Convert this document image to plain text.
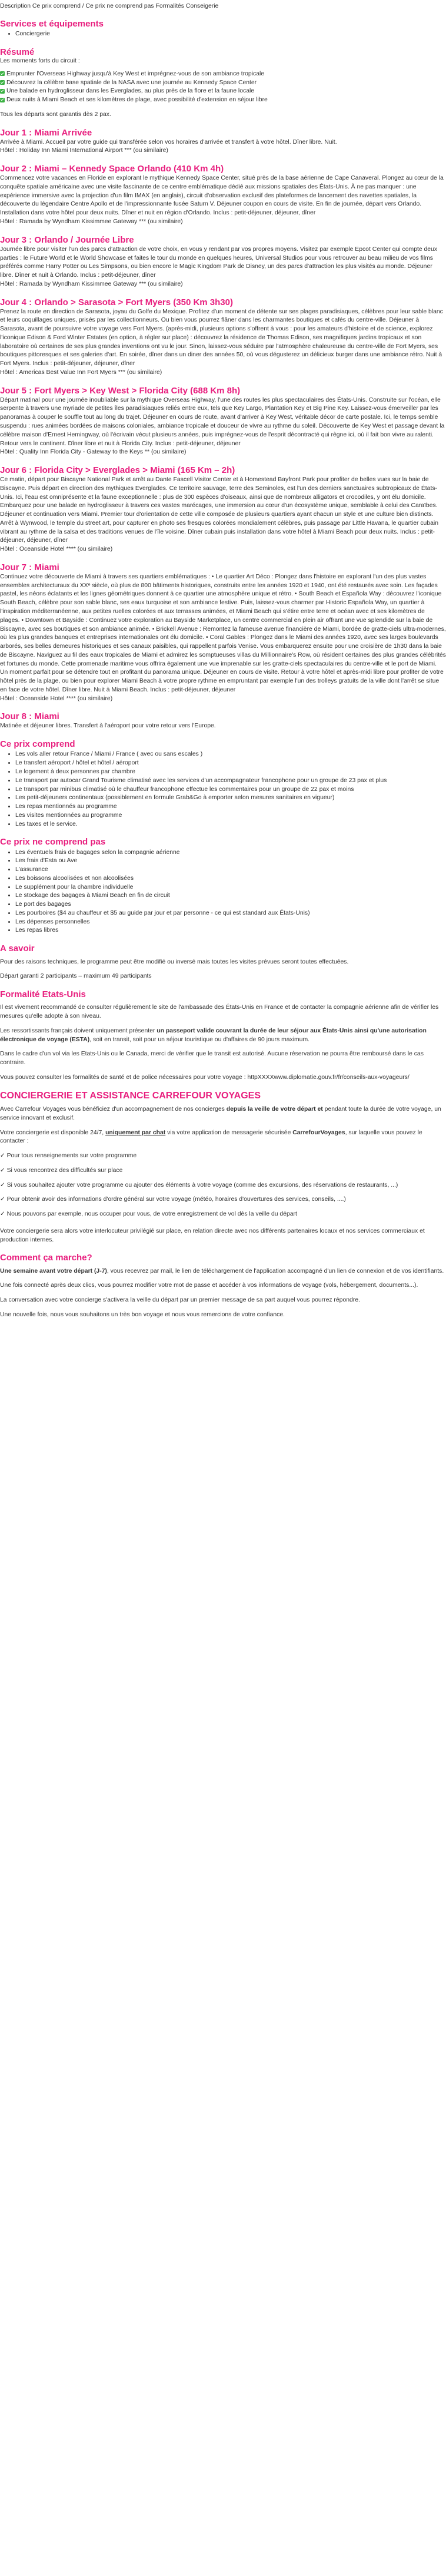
Description Ce prix comprend / Ce prix ne comprend pas Formalités Conseigerie

Services et équipements
• Conciergerie
Résumé

Les moments forts du circuit :

Emprunter l'Overseas Highway jusqu'à Key West et imprégnez-vous de son ambiance tropicale
Découvrez la célèbre base spatiale de la NASA avec une journée au Kennedy Space Center
Une balade en hydroglisseur dans les Everglades, au plus près de la flore et la faune locale
Deux nuits à Miami Beach et ses kilomètres de plage, avec possibilité d'extension en séjour libre

Tous les départs sont garantis dès 2 pax.

Jour 1 : Miami Arrivée

Arrivée à Miami. Accueil par votre guide qui transférée selon vos horaires d'arrivée et transfert à votre hôtel. Dîner libre. Nuit.

Hôtel : Holiday Inn Miami International Airport *** (ou similaire)

Jour 2 : Miami – Kennedy Space Orlando (410 Km 4h)

Commencez votre vacances en Floride en explorant le mythique Kennedy Space Center, situé près de la base aérienne de Cape Canaveral. Plongez au cœur de la conquête spatiale américaine avec une visite fascinante de ce centre emblématique dédié aux missions spatiales des États-Unis. À ne pas manquer : une expérience immersive avec la projection d'un film IMAX (en anglais), circuit d'observation exclusif des plateformes de lancement des navettes spatiales, la découverte du légendaire Centre Apollo et de l'impressionnante fusée Saturn V. Déjeuner coupon en cours de visite. En fin de journée, départ vers Orlando. Installation dans votre hôtel pour deux nuits. Dîner et nuit en région d'Orlando. Inclus : petit-déjeuner, déjeuner, dîner

Hôtel : Ramada by Wyndham Kissimmee Gateway *** (ou similaire)

Jour 3 : Orlando / Journée Libre

Journée libre pour visiter l'un des parcs d'attraction de votre choix, en vous y rendant par vos propres moyens. Visitez par exemple Epcot Center qui compte deux parties : le Future World et le World Showcase et faites le tour du monde en quelques heures, Universal Studios pour vous retrouver au beau milieu de vos films préférés comme Harry Potter ou Les Simpsons, ou bien encore le Magic Kingdom Park de Disney, un des parcs d'attraction les plus visités au monde. Déjeuner libre. Dîner et nuit à Orlando. Inclus : petit-déjeuner, dîner

Hôtel : Ramada by Wyndham Kissimmee Gateway *** (ou similaire)

Jour 4 : Orlando > Sarasota > Fort Myers (350 Km 3h30)

Prenez la route en direction de Sarasota, joyau du Golfe du Mexique. Profitez d'un moment de détente sur ses plages paradisiaques, célèbres pour leur sable blanc et leurs coquillages uniques, prisés par les collectionneurs. Ou bien vous pourrez flâner dans les charmantes boutiques et cafés du centre-ville. Déjeuner à Sarasota, avant de poursuivre votre voyage vers Fort Myers. (après-midi, plusieurs options s'offrent à vous : pour les amateurs d'histoire et de science, explorez l'iconique Edison & Ford Winter Estates (en option, à régler sur place) : découvrez la résidence de Thomas Edison, ses magnifiques jardins tropicaux et son laboratoire où certaines de ses plus grandes inventions ont vu le jour. Sinon, laissez-vous séduire par l'atmosphère chaleureuse du centre-ville de Fort Myers, ses boutiques pittoresques et ses galeries d'art. En soirée, dîner dans un diner des années 50, où vous dégusterez un délicieux burger dans une ambiance rétro. Nuit à Fort Myers. Inclus : petit-déjeuner, déjeuner, dîner

Hôtel : Americas Best Value Inn Fort Myers *** (ou similaire)

Jour 5 : Fort Myers > Key West > Florida City (688 Km 8h)

Départ matinal pour une journée inoubliable sur la mythique Overseas Highway, l'une des routes les plus spectaculaires des États-Unis. Construite sur l'océan, elle serpente à travers une myriade de petites îles paradisiaques reliés entre eux, tels que Key Largo, Plantation Key et Big Pine Key. Laissez-vous émerveiller par les panoramas à couper le souffle tout au long du trajet. Déjeuner en cours de route, avant d'arriver à Key West, véritable décor de carte postale. Ici, le temps semble suspendu : rues animées bordées de maisons coloniales, ambiance tropicale et douceur de vivre au rythme du soleil. Découverte de Key West et passage devant la célèbre maison d'Ernest Hemingway, où l'écrivain vécut plusieurs années, puis imprégnez-vous de l'esprit décontracté qui règne ici, où il fait bon vivre au ralenti. Retour vers le continent. Dîner libre et nuit à Florida City. Inclus : petit-déjeuner, déjeuner

Hôtel : Quality Inn Florida City - Gateway to the Keys ** (ou similaire)

Jour 6 : Florida City > Everglades > Miami (165 Km – 2h)

Ce matin, départ pour Biscayne National Park et arrêt au Dante Fascell Visitor Center et à Homestead Bayfront Park pour profiter de belles vues sur la baie de Biscayne. Puis départ en direction des mythiques Everglades. Ce territoire sauvage, terre des Seminoles, est l'un des derniers sanctuaires subtropicaux de États-Unis. Ici, l'eau est omniprésente et la faune exceptionnelle : plus de 300 espèces d'oiseaux, ainsi que de nombreux alligators et crocodiles, y ont élu domicile. Embarquez pour une balade en hydroglisseur à travers ces vastes marécages, une immersion au cœur d'un écosystème unique, semblable à celui des Caraïbes. Déjeuner et continuation vers Miami. Premier tour d'orientation de cette ville composée de plusieurs quartiers ayant chacun un style et une culture bien distincts. Arrêt à Wynwood, le temple du street art, pour capturer en photo ses fresques colorées mondialement célèbres, puis passage par Little Havana, le quartier cubain vibrant au rythme de la salsa et des traditions venues de l'île voisine. Dîner cubain puis installation dans votre hôtel à Miami Beach pour deux nuits. Inclus : petit-déjeuner, déjeuner, dîner

Hôtel : Oceanside Hotel **** (ou similaire)

Jour 7 : Miami

Continuez votre découverte de Miami à travers ses quartiers emblématiques : • Le quartier Art Déco : Plongez dans l'histoire en explorant l'un des plus vastes ensembles architecturaux du XXᵉ siècle, où plus de 800 bâtiments historiques, construits entre les années 1920 et 1940, ont été restaurés avec soin. Les façades pastel, les néons éclatants et les lignes géométriques donnent à ce quartier une atmosphère unique et rétro. • South Beach et Española Way : découvrez l'iconique South Beach, célèbre pour son sable blanc, ses eaux turquoise et son ambiance festive. Puis, laissez-vous charmer par Historic Española Way, un quartier à l'inspiration méditerranéenne, aux petites ruelles colorées et aux terrasses animées, et Miami Beach qui s'étire entre terre et océan avec et ses kilomètres de plages. • Downtown et Bayside : Continuez votre exploration au Bayside Marketplace, un centre commercial en plein air offrant une vue splendide sur la baie de Biscayne, avec ses boutiques et son ambiance animée. • Brickell Avenue : Remontez la fameuse avenue financière de Miami, bordée de gratte-ciels ultra-modernes, où les plus grandes banques et entreprises internationales ont élu domicile. • Coral Gables : Plongez dans le Miami des années 1920, avec ses larges boulevards arborés, ses belles demeures historiques et ses canaux paisibles, qui rappellent parfois Venise. Vous embarquerez ensuite pour une croisière de 1h30 dans la baie de Biscayne. Naviguez au fil des eaux tropicales de Miami et admirez les somptueuses villas du Millionnaire's Row, où résident certaines des plus grandes célébrités et fortunes du monde. Cette promenade maritime vous offrira également une vue imprenable sur les gratte-ciels spectaculaires du centre-ville et le port de Miami. Un moment parfait pour se détendre tout en profitant du panorama unique. Déjeuner en cours de visite. Retour à votre hôtel et après-midi libre pour profiter de votre hôtel près de la plage, ou bien pour explorer Miami Beach à votre propre rythme en empruntant par exemple l'un des trolleys gratuits de la ville dont l'arrêt se situe en face de votre hôtel. Dîner libre. Nuit à Miami Beach. Inclus : petit-déjeuner, déjeuner

Hôtel : Oceanside Hotel **** (ou similaire)

Jour 8 : Miami

Matinée et déjeuner libres. Transfert à l'aéroport pour votre retour vers l'Europe.

Ce prix comprend
• Les vols aller retour France / Miami / France ( avec ou sans escales )
• Le transfert aéroport / hôtel et hôtel / aéroport
• Le logement à deux personnes par chambre
• Le transport par autocar Grand Tourisme climatisé avec les services d'un accompagnateur francophone pour un groupe de 23 pax et plus
• Le transport par minibus climatisé où le chauffeur francophone effectue les commentaires pour un groupe de 22 pax et moins
• Les petit-déjeuners continentaux (possiblement en formule Grab&Go à emporter selon mesures sanitaires en vigueur)
• Les repas mentionnés au programme
• Les visites mentionnées au programme
• Les taxes et le service.
Ce prix ne comprend pas
• Les éventuels frais de bagages selon la compagnie aérienne
• Les frais d'Esta ou Ave
• L'assurance
• Les boissons alcoolisées et non alcoolisées
• Le supplément pour la chambre individuelle
• Le stockage des bagages à Miami Beach en fin de circuit
• Le port des bagages
• Les pourboires ($4 au chauffeur et $5 au guide par jour et par personne - ce qui est standard aux États-Unis)
• Les dépenses personnelles
• Les repas libres
A savoir

Pour des raisons techniques, le programme peut être modifié ou inversé mais toutes les visites prévues seront toutes effectuées.

Départ garanti 2 participants – maximum 49 participants

Formalité Etats-Unis

Il est vivement recommandé de consulter régulièrement le site de l'ambassade des États-Unis en France et de contacter la compagnie aérienne afin de vérifier les mesures qu'elle adopte à son niveau.

Les ressortissants français doivent uniquement présenter un passeport valide couvrant la durée de leur séjour aux États-Unis ainsi qu'une autorisation électronique de voyage (ESTA), soit en transit, soit pour un séjour touristique ou d'affaires de 90 jours maximum.

Dans le cadre d'un vol via les Etats-Unis ou le Canada, merci de vérifier que le transit est autorisé. Aucune réservation ne pourra être remboursé dans le cas contraire.

Vous pouvez consulter les formalités de santé et de police nécessaires pour votre voyage : httpXXXXwww.diplomatie.gouv.fr/fr/conseils-aux-voyageurs/

CONCIERGERIE ET ASSISTANCE CARREFOUR VOYAGES

Avec Carrefour Voyages vous bénéficiez d'un accompagnement de nos concierges depuis la veille de votre départ et pendant toute la durée de votre voyage, un service innovant et exclusif.

Votre conciergerie est disponible 24/7, uniquement par chat via votre application de messagerie sécurisée CarrefourVoyages, sur laquelle vous pouvez le contacter :

✓ Pour tous renseignements sur votre programme

✓ Si vous rencontrez des difficultés sur place

✓ Si vous souhaitez ajouter votre programme ou ajouter des éléments à votre voyage (comme des excursions, des réservations de restaurants, ...)

✓ Pour obtenir avoir des informations d'ordre général sur votre voyage (météo, horaires d'ouvertures des services, conseils, ....)

✓ Nous pouvons par exemple, nous occuper pour vous, de votre enregistrement de vol dès la veille du départ

Votre conciergerie sera alors votre interlocuteur privilégié sur place, en relation directe avec nos différents partenaires locaux et nos services commerciaux et production internes.

Comment ça marche?

Une semaine avant votre départ (J-7), vous recevrez par mail, le lien de téléchargement de l'application accompagné d'un lien de connexion et de vos identifiants.

Une fois connecté après deux clics, vous pourrez modifier votre mot de passe et accéder à vos informations de voyage (vols, hébergement, documents...).

La conversation avec votre concierge s'activera la veille du départ par un premier message de sa part auquel vous pourrez répondre.

Une nouvelle fois, nous vous souhaitons un très bon voyage et nous vous remercions de votre confiance.
